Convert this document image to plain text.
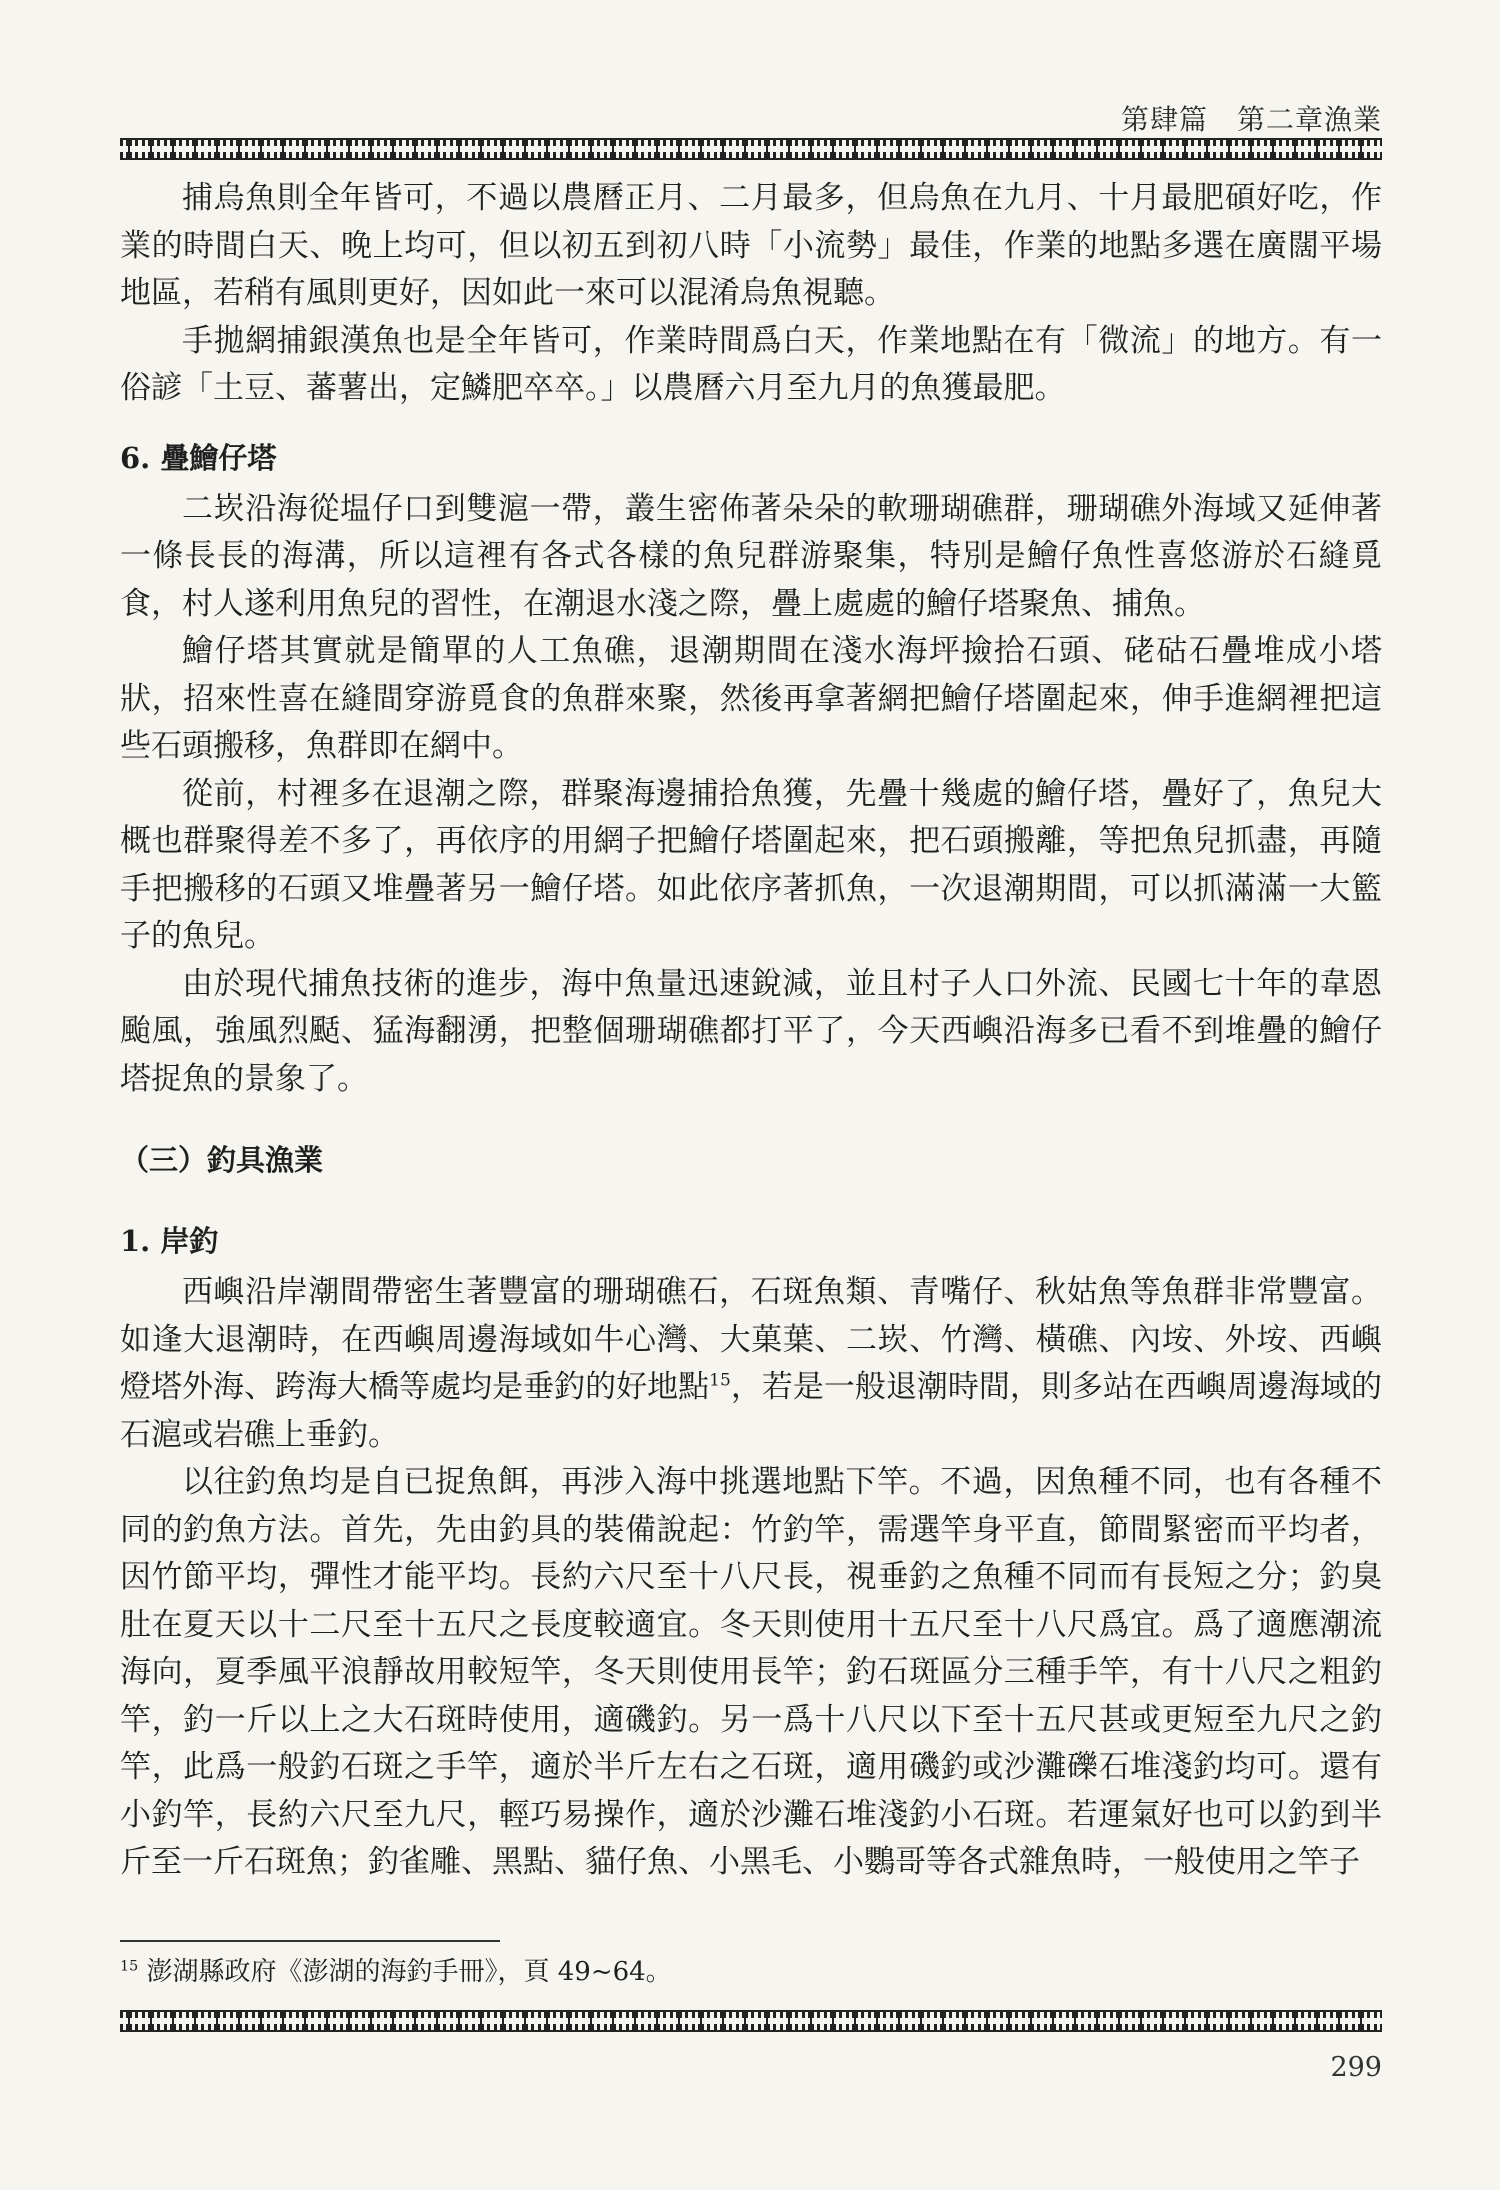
第肆篇　第二章漁業

捕烏魚則全年皆可，不過以農曆正月、二月最多，但烏魚在九月、十月最肥碩好吃，作業的時間白天、晚上均可，但以初五到初八時「小流勢」最佳，作業的地點多選在廣闊平場地區，若稍有風則更好，因如此一來可以混淆烏魚視聽。

手拋網捕銀漢魚也是全年皆可，作業時間爲白天，作業地點在有「微流」的地方。有一俗諺「土豆、蕃薯出，定鱗肥卒卒。」以農曆六月至九月的魚獲最肥。

6. 疊鱠仔塔

二崁沿海從塭仔口到雙滬一帶，叢生密佈著朵朵的軟珊瑚礁群，珊瑚礁外海域又延伸著一條長長的海溝，所以這裡有各式各樣的魚兒群游聚集，特別是鱠仔魚性喜悠游於石縫覓食，村人遂利用魚兒的習性，在潮退水淺之際，疊上處處的鱠仔塔聚魚、捕魚。

鱠仔塔其實就是簡單的人工魚礁，退潮期間在淺水海坪撿拾石頭、硓𥑮石疊堆成小塔狀，招來性喜在縫間穿游覓食的魚群來聚，然後再拿著網把鱠仔塔圍起來，伸手進網裡把這些石頭搬移，魚群即在網中。

從前，村裡多在退潮之際，群聚海邊捕拾魚獲，先疊十幾處的鱠仔塔，疊好了，魚兒大概也群聚得差不多了，再依序的用網子把鱠仔塔圍起來，把石頭搬離，等把魚兒抓盡，再隨手把搬移的石頭又堆疊著另一鱠仔塔。如此依序著抓魚，一次退潮期間，可以抓滿滿一大籃子的魚兒。

由於現代捕魚技術的進步，海中魚量迅速銳減，並且村子人口外流、民國七十年的韋恩颱風，強風烈颳、猛海翻湧，把整個珊瑚礁都打平了，今天西嶼沿海多已看不到堆疊的鱠仔塔捉魚的景象了。

（三）釣具漁業
1. 岸釣

西嶼沿岸潮間帶密生著豐富的珊瑚礁石，石斑魚類、青嘴仔、秋姑魚等魚群非常豐富。如逢大退潮時，在西嶼周邊海域如牛心灣、大菓葉、二崁、竹灣、橫礁、內垵、外垵、西嶼燈塔外海、跨海大橋等處均是垂釣的好地點$^{15}$，若是一般退潮時間，則多站在西嶼周邊海域的石滬或岩礁上垂釣。

以往釣魚均是自已捉魚餌，再涉入海中挑選地點下竿。不過，因魚種不同，也有各種不同的釣魚方法。首先，先由釣具的裝備說起：竹釣竿，需選竿身平直，節間緊密而平均者，因竹節平均，彈性才能平均。長約六尺至十八尺長，視垂釣之魚種不同而有長短之分；釣臭肚在夏天以十二尺至十五尺之長度較適宜。冬天則使用十五尺至十八尺爲宜。爲了適應潮流海向，夏季風平浪靜故用較短竿，冬天則使用長竿；釣石斑區分三種手竿，有十八尺之粗釣竿，釣一斤以上之大石斑時使用，適磯釣。另一爲十八尺以下至十五尺甚或更短至九尺之釣竿，此爲一般釣石斑之手竿，適於半斤左右之石斑，適用磯釣或沙灘礫石堆淺釣均可。還有小釣竿，長約六尺至九尺，輕巧易操作，適於沙灘石堆淺釣小石斑。若運氣好也可以釣到半斤至一斤石斑魚；釣雀雕、黑點、貓仔魚、小黑毛、小鸚哥等各式雜魚時，一般使用之竿子

$^{15}$ 澎湖縣政府《澎湖的海釣手冊》，頁 49~64。
299
